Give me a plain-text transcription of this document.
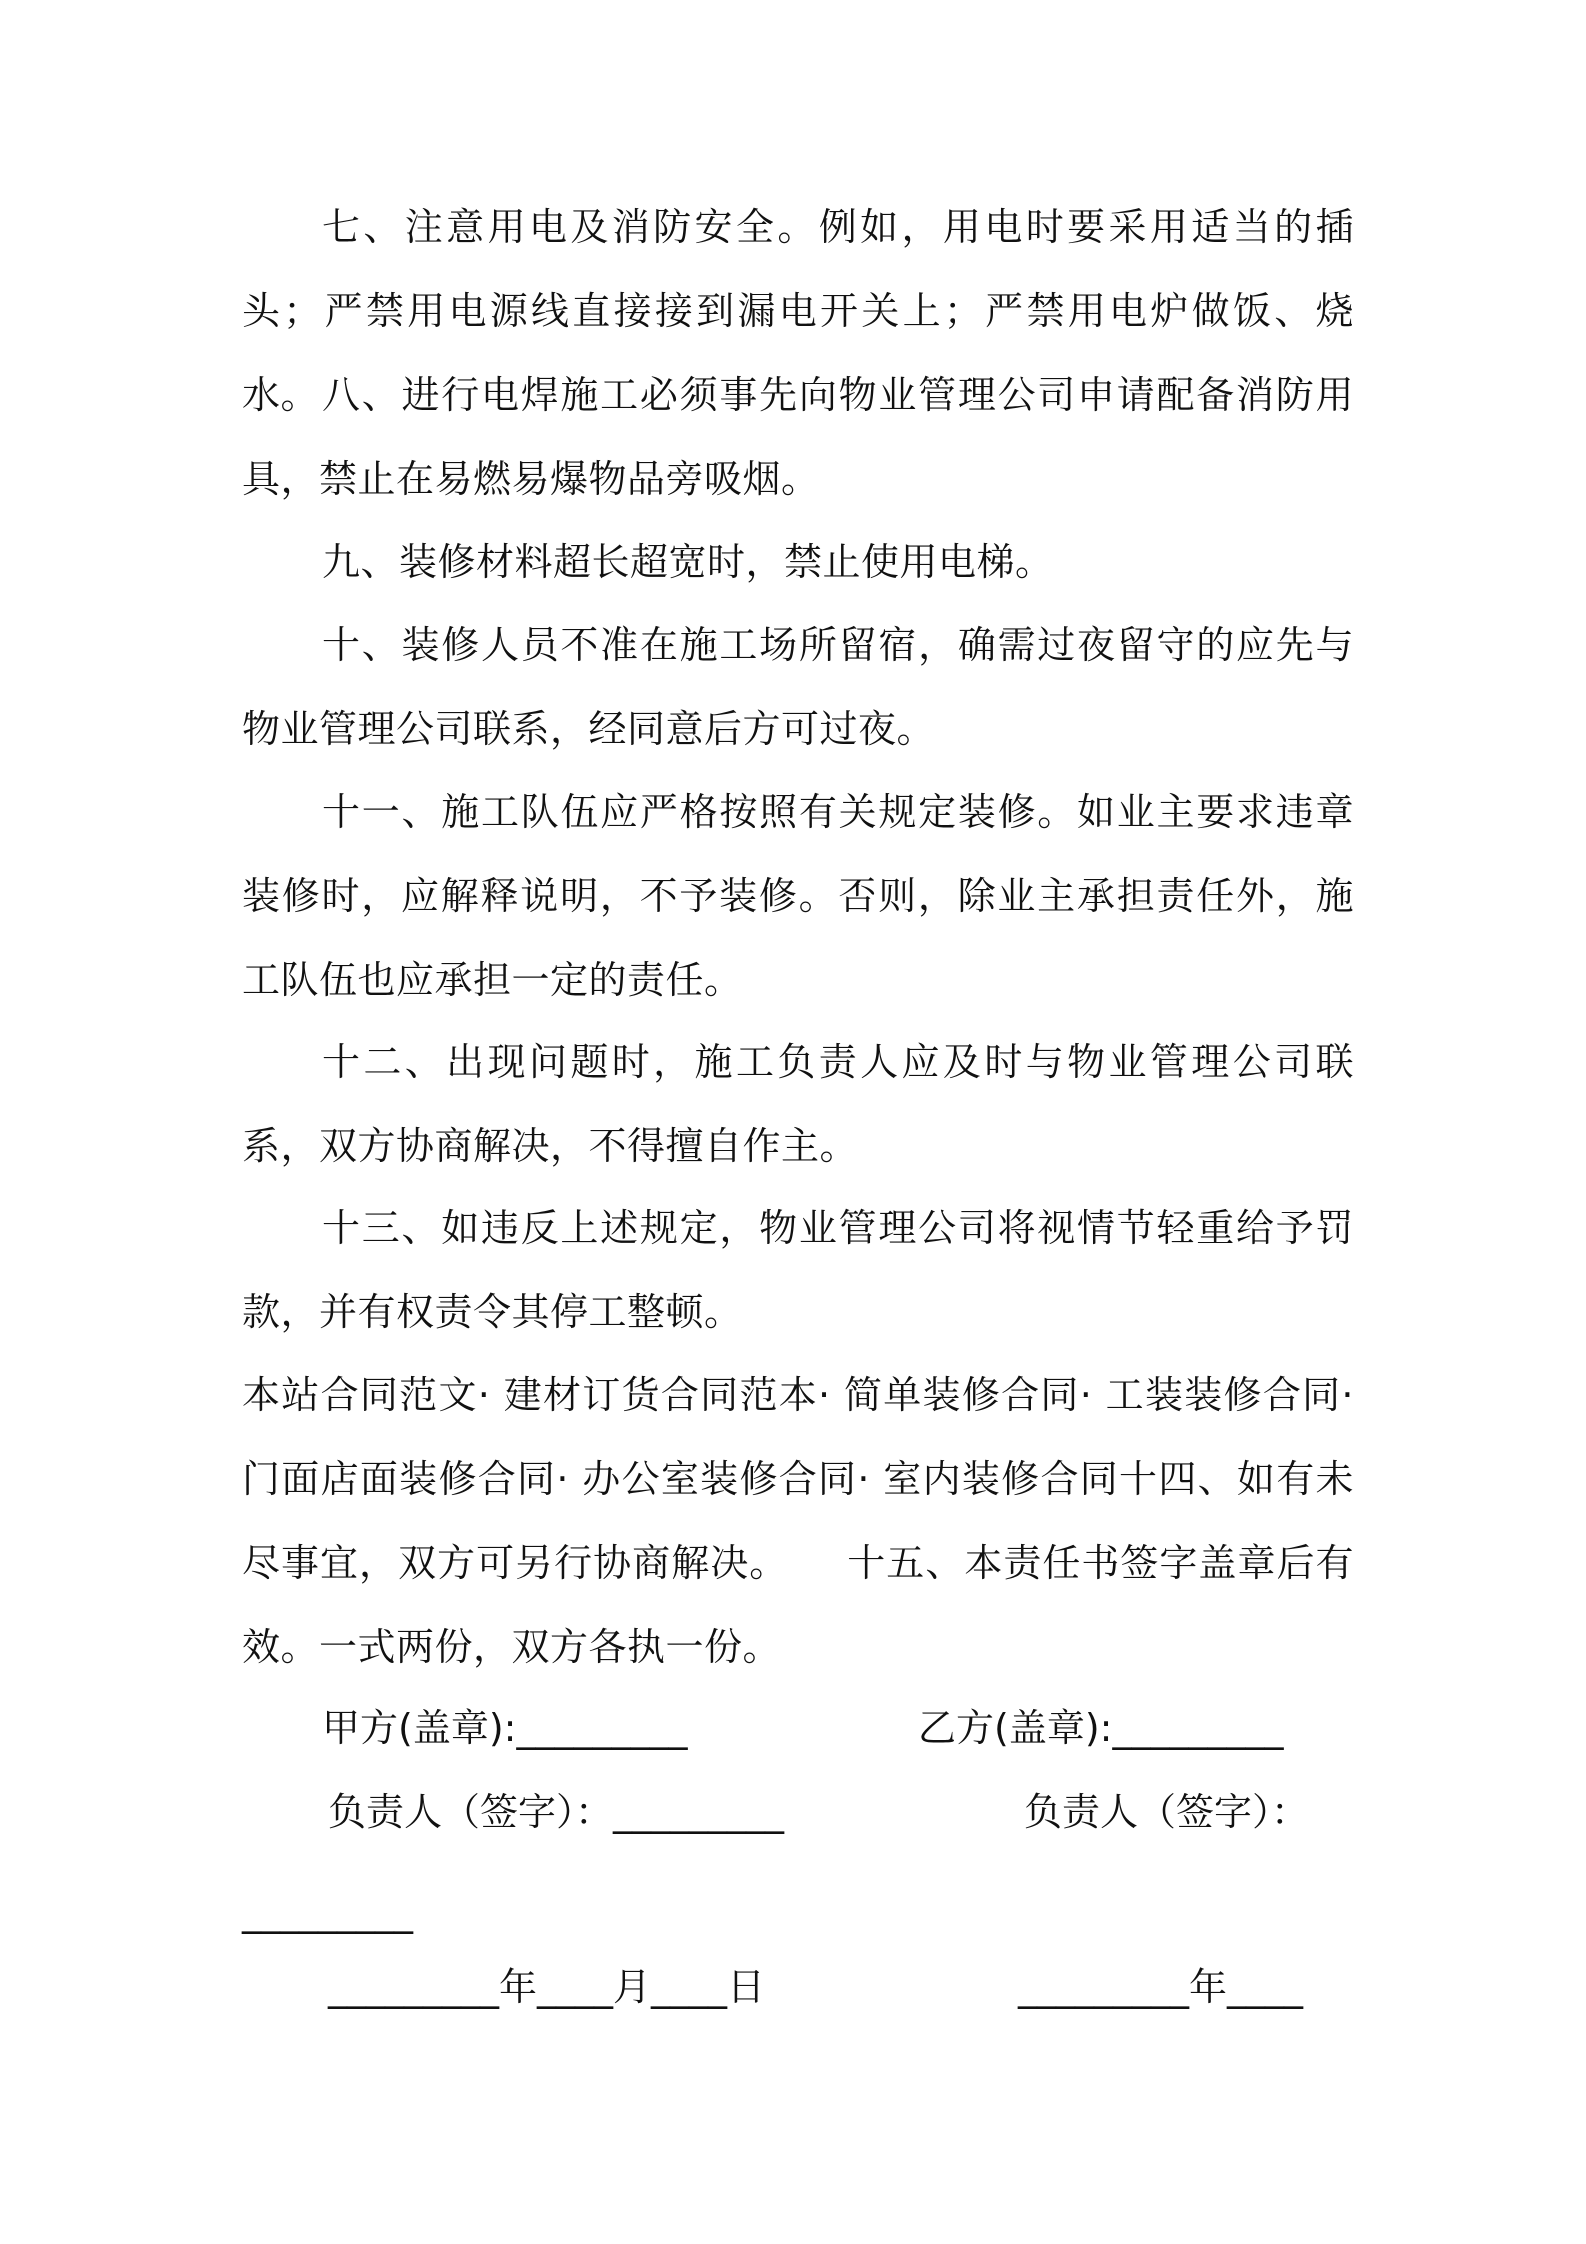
七、注意用电及消防安全。例如，用电时要采用适当的插头；严禁用电源线直接接到漏电开关上；严禁用电炉做饭、烧水。 八、进行电焊施工必须事先向物业管理公司申请配备消防用具，禁止在易燃易爆物品旁吸烟。

九、装修材料超长超宽时，禁止使用电梯。

十、装修人员不准在施工场所留宿，确需过夜留守的应先与物业管理公司联系，经同意后方可过夜。

十一、施工队伍应严格按照有关规定装修。如业主要求违章装修时，应解释说明，不予装修。否则，除业主承担责任外，施工队伍也应承担一定的责任。

十二、出现问题时，施工负责人应及时与物业管理公司联系，双方协商解决，不得擅自作主。

十三、如违反上述规定，物业管理公司将视情节轻重给予罚款，并有权责令其停工整顿。

本站合同范文· 建材订货合同范本· 简单装修合同· 工装装修合同· 门面店面装修合同· 办公室装修合同· 室内装修合同十四、如有未尽事宜，双方可另行协商解决。　　十五、本责任书签字盖章后有效。一式两份，双方各执一份。

甲方(盖章):_________	乙方(盖章):_________

负责人（签字）：_________	负责人（签字）：

_________

_________年____月____日	_________年____
